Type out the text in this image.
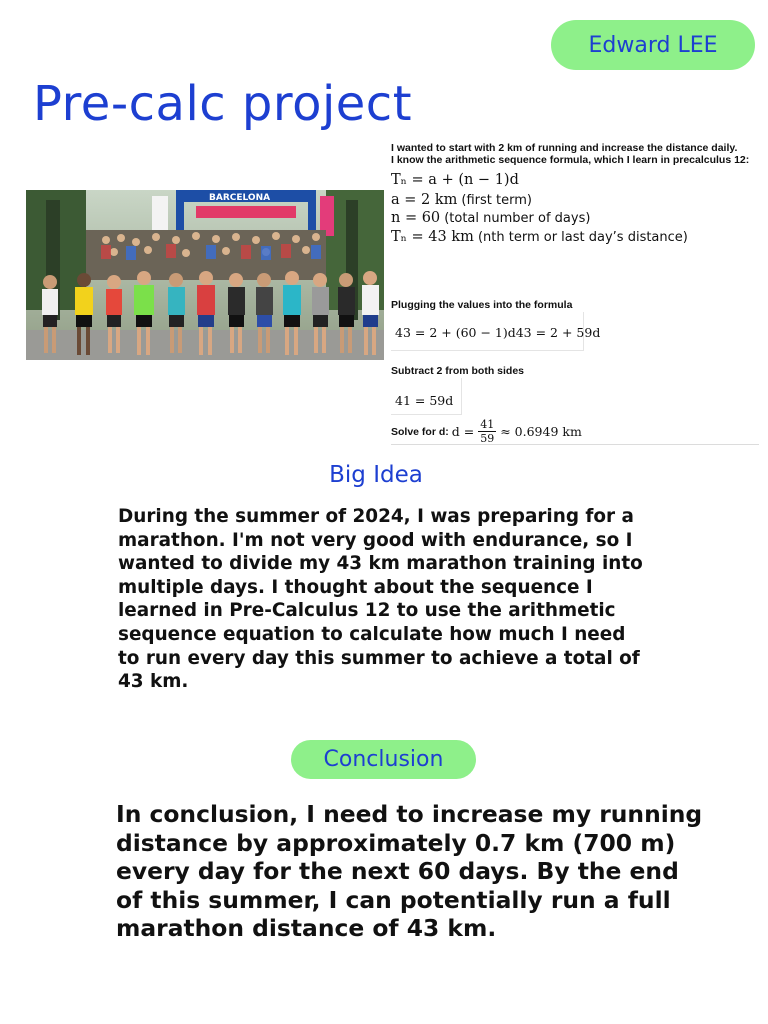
Edward LEE
Pre-calc project
BARCELONA
I wanted to start with 2 km of running and increase the distance daily.
I know the arithmetic sequence formula, which I learn in precalculus 12:
Tₙ = a + (n − 1)d
a = 2 km (first term)
n = 60 (total number of days)
Tₙ = 43 km (nth term or last day’s distance)
Plugging the values into the formula
43 = 2 + (60 − 1)d43 = 2 + 59d
Subtract 2 from both sides
41 = 59d
Solve for d: $d = \frac{41}{59} \approx 0.6949$ km
Big Idea

During the summer of 2024, I was preparing for a marathon. I'm not very good with endurance, so I wanted to divide my 43 km marathon training into multiple days. I thought about the sequence I learned in Pre-Calculus 12 to use the arithmetic sequence equation to calculate how much I need to run every day this summer to achieve a total of 43 km.

Conclusion

In conclusion, I need to increase my running distance by approximately 0.7 km (700 m) every day for the next 60 days. By the end of this summer, I can potentially run a full marathon distance of 43 km.
